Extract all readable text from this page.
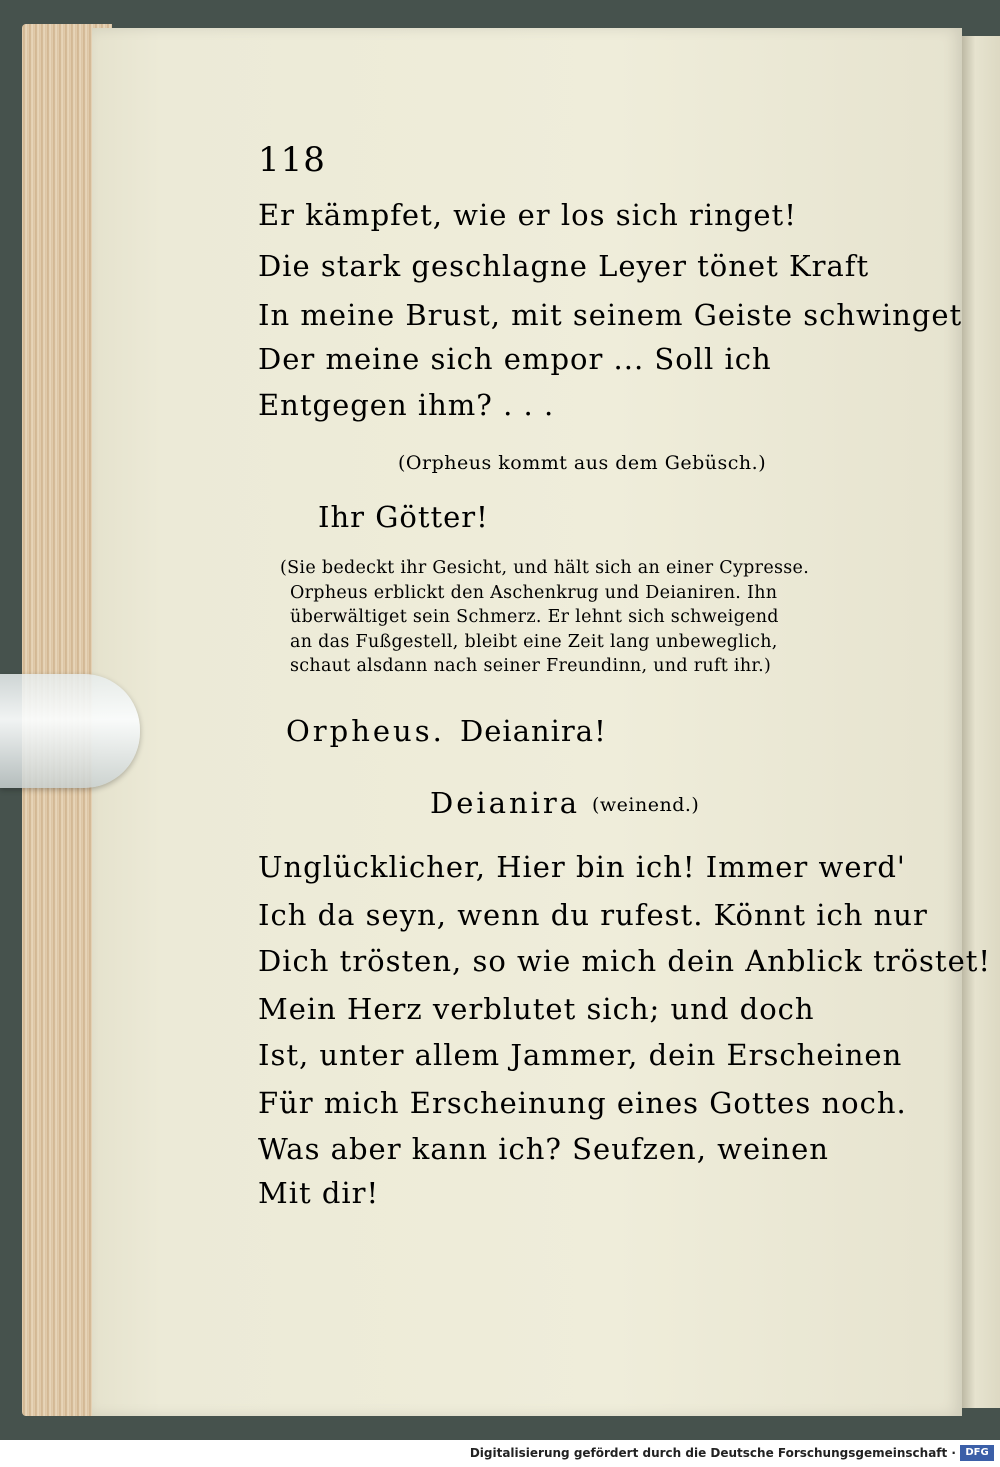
118
Er kämpfet, wie er los sich ringet!
Die stark geschlagne Leyer tönet Kraft
In meine Brust, mit seinem Geiste schwinget
Der meine sich empor ... Soll ich
Entgegen ihm? . . .
(Orpheus kommt aus dem Gebüsch.)
Ihr Götter!
(Sie bedeckt ihr Gesicht, und hält sich an einer Cypresse.
Orpheus erblickt den Aschenkrug und Deianiren. Ihn
überwältiget sein Schmerz. Er lehnt sich schweigend
an das Fußgestell, bleibt eine Zeit lang unbeweglich,
schaut alsdann nach seiner Freundinn, und ruft ihr.)
Orpheus. Deianira!
Deianira (weinend.)
Unglücklicher, Hier bin ich! Immer werd'
Ich da seyn, wenn du rufest. Könnt ich nur
Dich trösten, so wie mich dein Anblick tröstet!
Mein Herz verblutet sich; und doch
Ist, unter allem Jammer, dein Erscheinen
Für mich Erscheinung eines Gottes noch.
Was aber kann ich? Seufzen, weinen
Mit dir!
Digitalisierung gefördert durch die Deutsche Forschungsgemeinschaft · DFG
